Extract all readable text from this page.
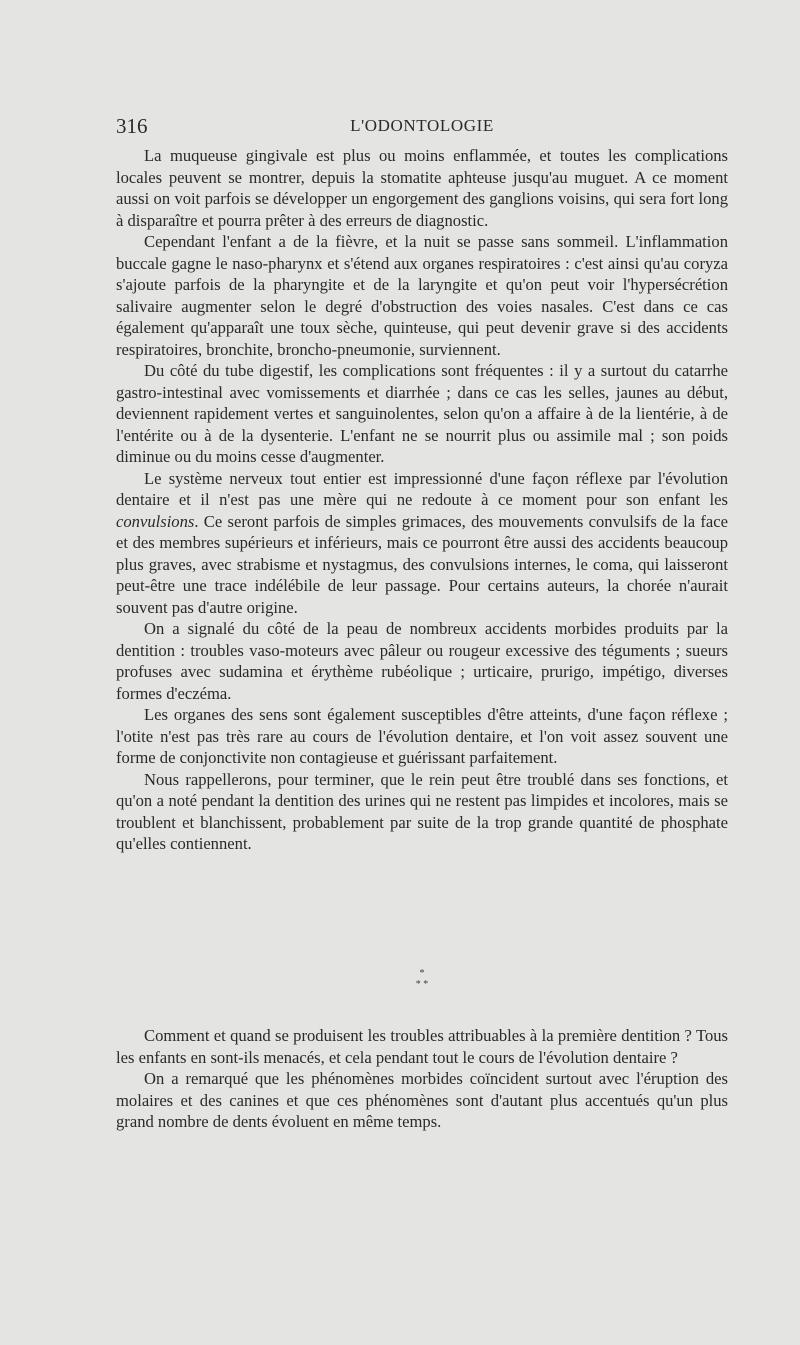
316	L'ODONTOLOGIE

La muqueuse gingivale est plus ou moins enflammée, et toutes les complications locales peuvent se montrer, depuis la stomatite aphteuse jusqu'au muguet. A ce moment aussi on voit parfois se développer un engorgement des ganglions voisins, qui sera fort long à disparaître et pourra prêter à des erreurs de diagnostic.

Cependant l'enfant a de la fièvre, et la nuit se passe sans sommeil. L'inflammation buccale gagne le naso-pharynx et s'étend aux organes respiratoires : c'est ainsi qu'au coryza s'ajoute parfois de la pharyngite et de la laryngite et qu'on peut voir l'hypersécrétion salivaire augmenter selon le degré d'obstruction des voies nasales. C'est dans ce cas également qu'apparaît une toux sèche, quinteuse, qui peut devenir grave si des accidents respiratoires, bronchite, broncho-pneumonie, surviennent.

Du côté du tube digestif, les complications sont fréquentes : il y a surtout du catarrhe gastro-intestinal avec vomissements et diarrhée ; dans ce cas les selles, jaunes au début, deviennent rapidement vertes et sanguinolentes, selon qu'on a affaire à de la lientérie, à de l'entérite ou à de la dysenterie. L'enfant ne se nourrit plus ou assimile mal ; son poids diminue ou du moins cesse d'augmenter.

Le système nerveux tout entier est impressionné d'une façon réflexe par l'évolution dentaire et il n'est pas une mère qui ne redoute à ce moment pour son enfant les convulsions. Ce seront parfois de simples grimaces, des mouvements convulsifs de la face et des membres supérieurs et inférieurs, mais ce pourront être aussi des accidents beaucoup plus graves, avec strabisme et nystagmus, des convulsions internes, le coma, qui laisseront peut-être une trace indélébile de leur passage. Pour certains auteurs, la chorée n'aurait souvent pas d'autre origine.

On a signalé du côté de la peau de nombreux accidents morbides produits par la dentition : troubles vaso-moteurs avec pâleur ou rougeur excessive des téguments ; sueurs profuses avec sudamina et érythème rubéolique ; urticaire, prurigo, impétigo, diverses formes d'eczéma.

Les organes des sens sont également susceptibles d'être atteints, d'une façon réflexe ; l'otite n'est pas très rare au cours de l'évolution dentaire, et l'on voit assez souvent une forme de conjonctivite non contagieuse et guérissant parfaitement.

Nous rappellerons, pour terminer, que le rein peut être troublé dans ses fonctions, et qu'on a noté pendant la dentition des urines qui ne restent pas limpides et incolores, mais se troublent et blanchissent, probablement par suite de la trop grande quantité de phosphate qu'elles contiennent.

*
* *

Comment et quand se produisent les troubles attribuables à la première dentition ? Tous les enfants en sont-ils menacés, et cela pendant tout le cours de l'évolution dentaire ?

On a remarqué que les phénomènes morbides coïncident surtout avec l'éruption des molaires et des canines et que ces phénomènes sont d'autant plus accentués qu'un plus grand nombre de dents évoluent en même temps.
